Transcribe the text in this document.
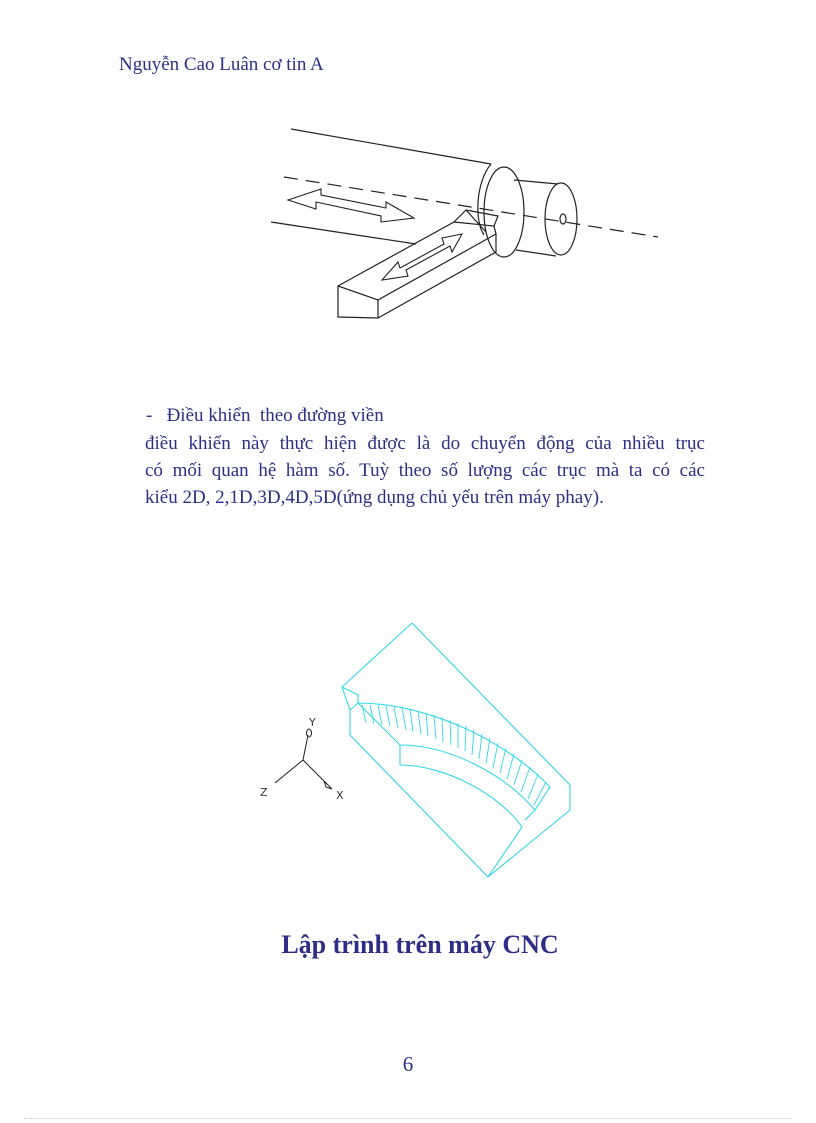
Nguyễn Cao Luân cơ tin A
-   Điều khiển  theo đường viền
điều khiển này thực hiện được là do chuyển động của nhiều trục
có mối quan hệ hàm số. Tuỳ theo số lượng các trục mà ta có các
kiểu 2D, 2,1D,3D,4D,5D(ứng dụng chủ yếu trên máy phay).
Y
X
Z
Lập trình trên máy CNC
6
